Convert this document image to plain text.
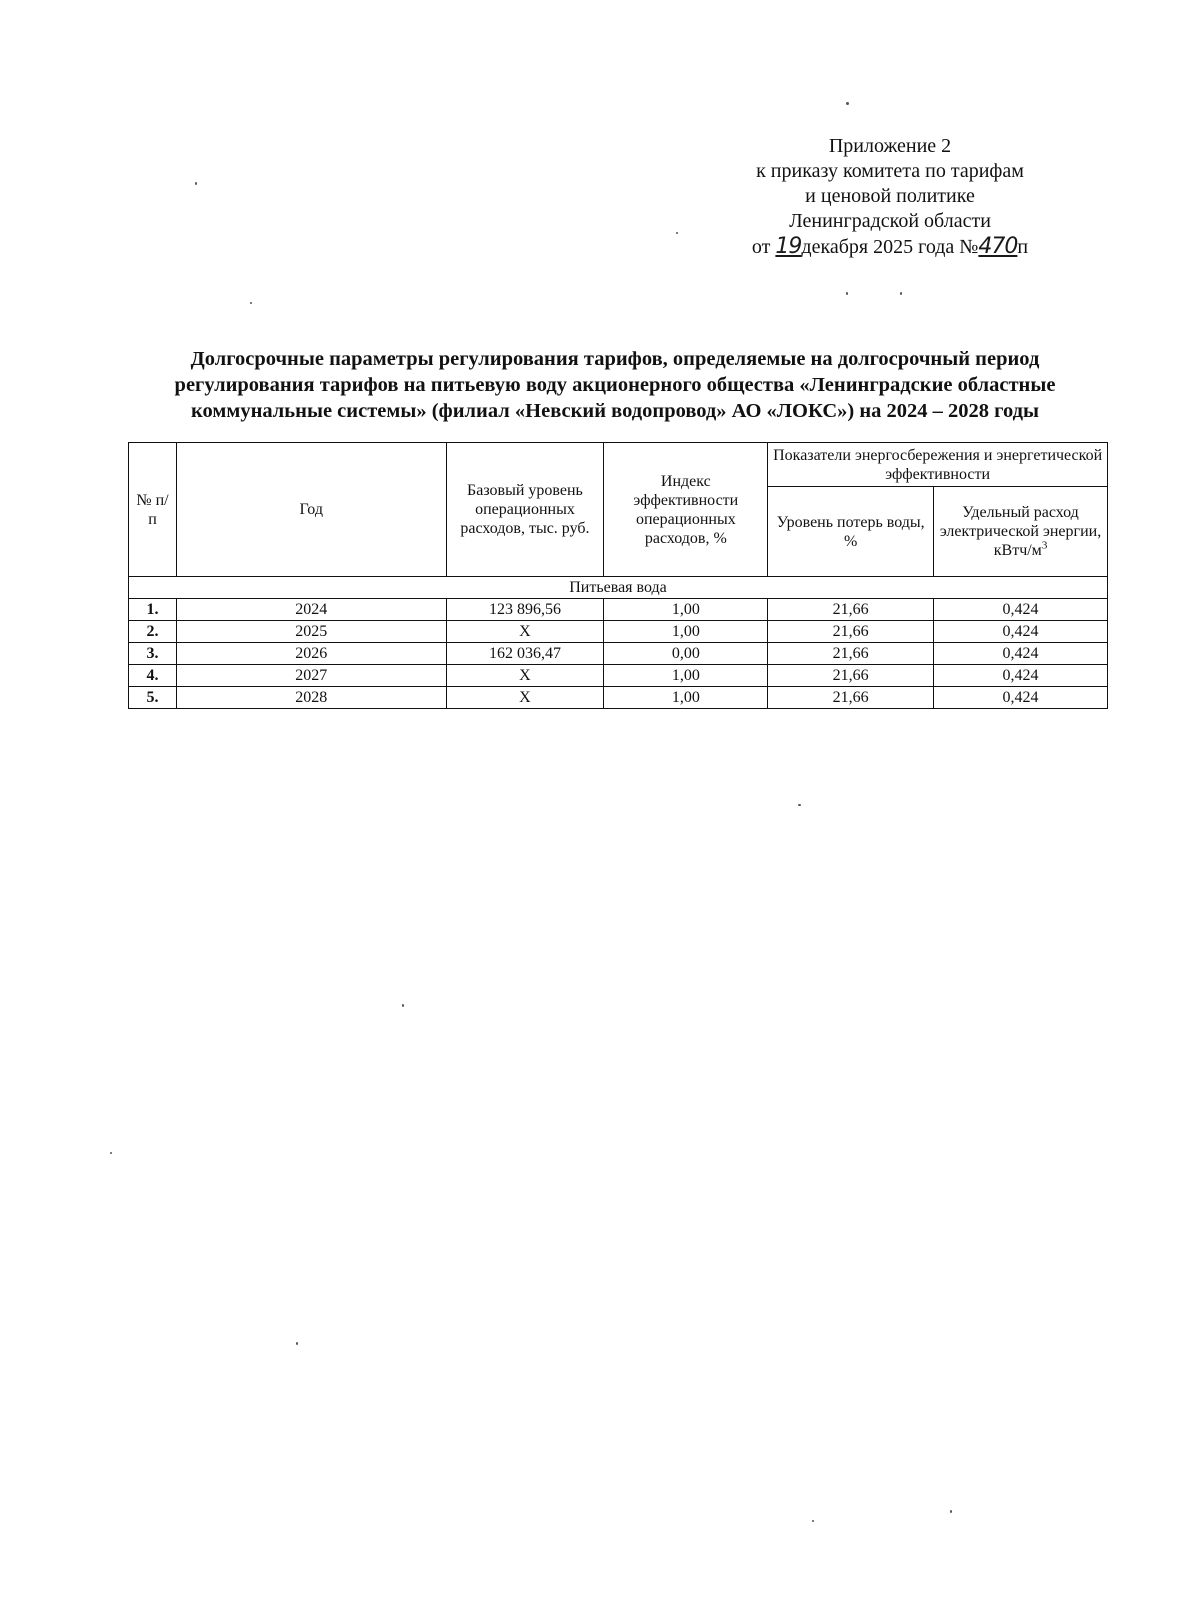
Приложение 2
к приказу комитета по тарифам
и ценовой политике
Ленинградской области
от 19декабря 2025 года №470п
Долгосрочные параметры регулирования тарифов, определяемые на долгосрочный период
регулирования тарифов на питьевую воду акционерного общества «Ленинградские областные
коммунальные системы» (филиал «Невский водопровод» АО «ЛОКС») на 2024 – 2028 годы
№ п/п	Год	Базовый уровень операционных расходов, тыс. руб.	Индекс эффективности операционных расходов, %	Показатели энергосбережения и энергетической эффективности	
				Уровень потерь воды, %	Удельный расход электрической энергии, кВтч/$м^3$
Питьевая вода					
1.	2024	123 896,56	1,00	21,66	0,424
2.	2025	Х	1,00	21,66	0,424
3.	2026	162 036,47	0,00	21,66	0,424
4.	2027	Х	1,00	21,66	0,424
5.	2028	Х	1,00	21,66	0,424
